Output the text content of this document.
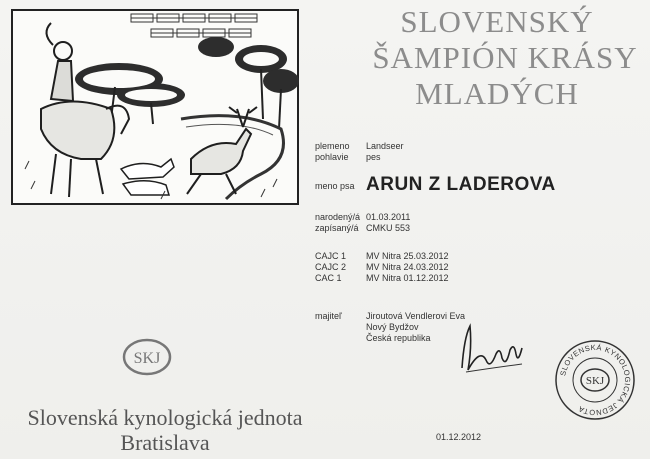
SLOVENSKÝ
ŠAMPIÓN KRÁSY
MLADÝCH
plemeno Landseer
pohlavie pes
meno psa ARUN Z LADEROVA
narodený/á 01.03.2011
zapísaný/á CMKU 553
CAJC 1 MV Nitra 25.03.2012
CAJC 2 MV Nitra 24.03.2012
CAC 1	MV Nitra 01.12.2012
majiteľ	Jiroutová Vendlerovi Eva
Nový Bydžov
Česká republika
SKJ
Slovenská kynologická jednota
Bratislava
SLOVENSKÁ KYNOLOGICKÁ JEDNOTA
SKJ
01.12.2012
